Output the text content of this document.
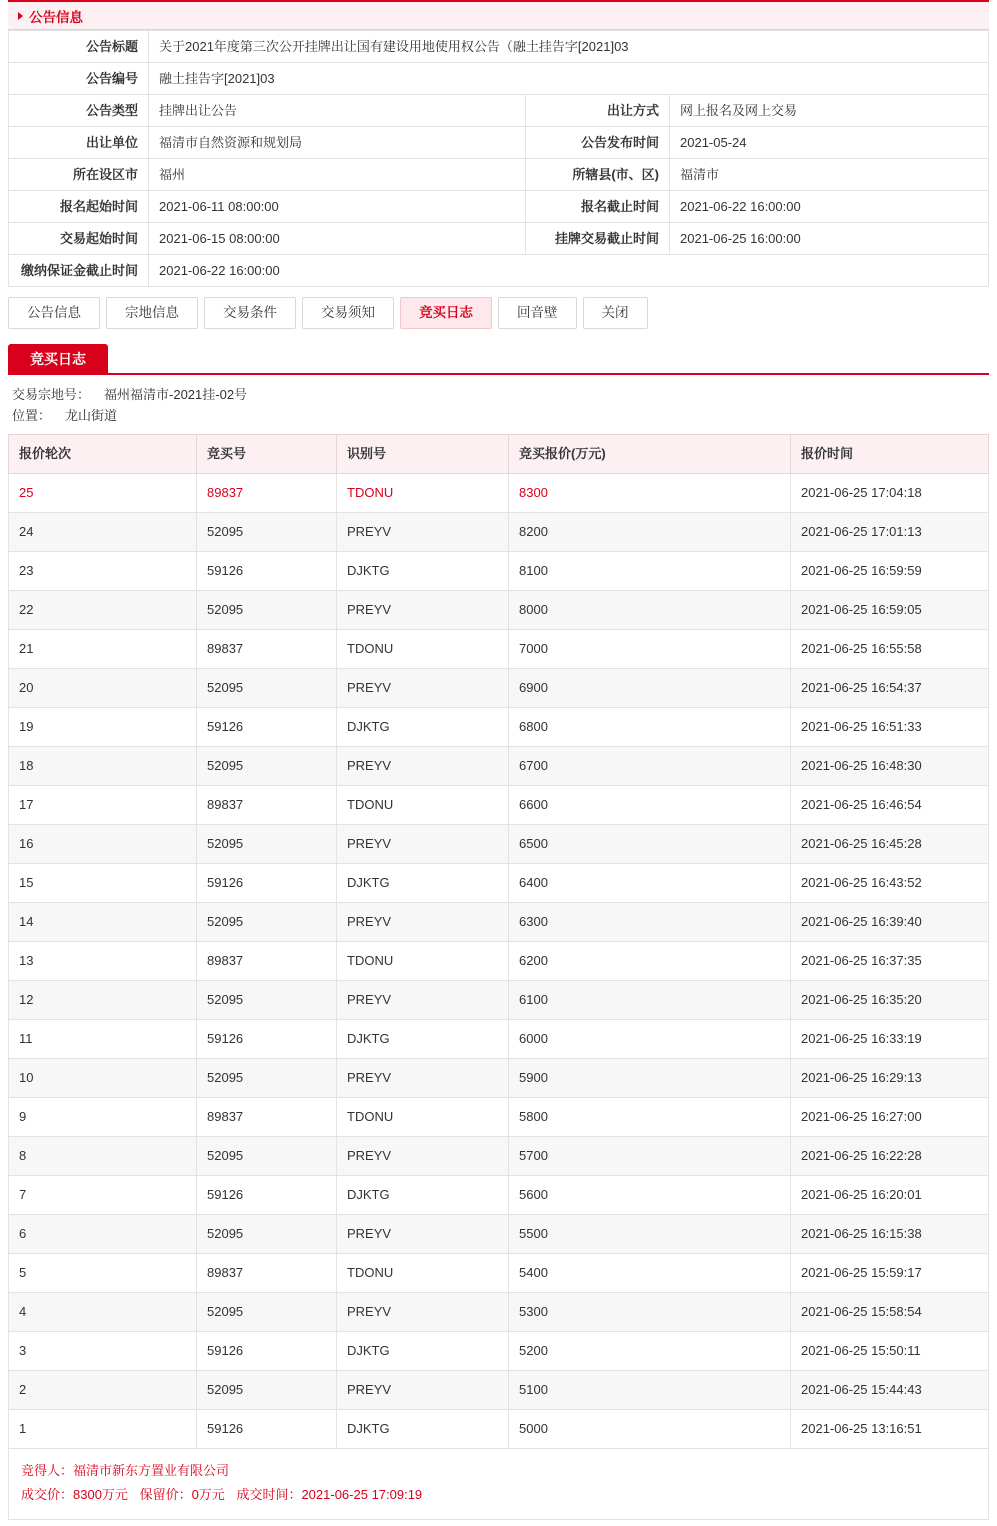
公告信息
公告标题	关于2021年度第三次公开挂牌出让国有建设用地使用权公告（融土挂告字[2021]03		
公告编号	融土挂告字[2021]03		
公告类型	挂牌出让公告	出让方式	网上报名及网上交易
出让单位	福清市自然资源和规划局	公告发布时间	2021-05-24
所在设区市	福州	所辖县(市、区)	福清市
报名起始时间	2021-06-11 08:00:00	报名截止时间	2021-06-22 16:00:00
交易起始时间	2021-06-15 08:00:00	挂牌交易截止时间	2021-06-25 16:00:00
缴纳保证金截止时间	2021-06-22 16:00:00		
公告信息	宗地信息	交易条件	交易须知	竞买日志	回音壁	关闭
竞买日志
交易宗地号： 福州福清市-2021挂-02号
位置： 龙山街道
报价轮次	竞买号	识别号	竞买报价(万元)	报价时间
25	89837	TDONU	8300	2021-06-25 17:04:18
24	52095	PREYV	8200	2021-06-25 17:01:13
23	59126	DJKTG	8100	2021-06-25 16:59:59
22	52095	PREYV	8000	2021-06-25 16:59:05
21	89837	TDONU	7000	2021-06-25 16:55:58
20	52095	PREYV	6900	2021-06-25 16:54:37
19	59126	DJKTG	6800	2021-06-25 16:51:33
18	52095	PREYV	6700	2021-06-25 16:48:30
17	89837	TDONU	6600	2021-06-25 16:46:54
16	52095	PREYV	6500	2021-06-25 16:45:28
15	59126	DJKTG	6400	2021-06-25 16:43:52
14	52095	PREYV	6300	2021-06-25 16:39:40
13	89837	TDONU	6200	2021-06-25 16:37:35
12	52095	PREYV	6100	2021-06-25 16:35:20
11	59126	DJKTG	6000	2021-06-25 16:33:19
10	52095	PREYV	5900	2021-06-25 16:29:13
9	89837	TDONU	5800	2021-06-25 16:27:00
8	52095	PREYV	5700	2021-06-25 16:22:28
7	59126	DJKTG	5600	2021-06-25 16:20:01
6	52095	PREYV	5500	2021-06-25 16:15:38
5	89837	TDONU	5400	2021-06-25 15:59:17
4	52095	PREYV	5300	2021-06-25 15:58:54
3	59126	DJKTG	5200	2021-06-25 15:50:11
2	52095	PREYV	5100	2021-06-25 15:44:43
1	59126	DJKTG	5000	2021-06-25 13:16:51
竞得人：福清市新东方置业有限公司
成交价：8300万元 保留价：0万元 成交时间：2021-06-25 17:09:19
